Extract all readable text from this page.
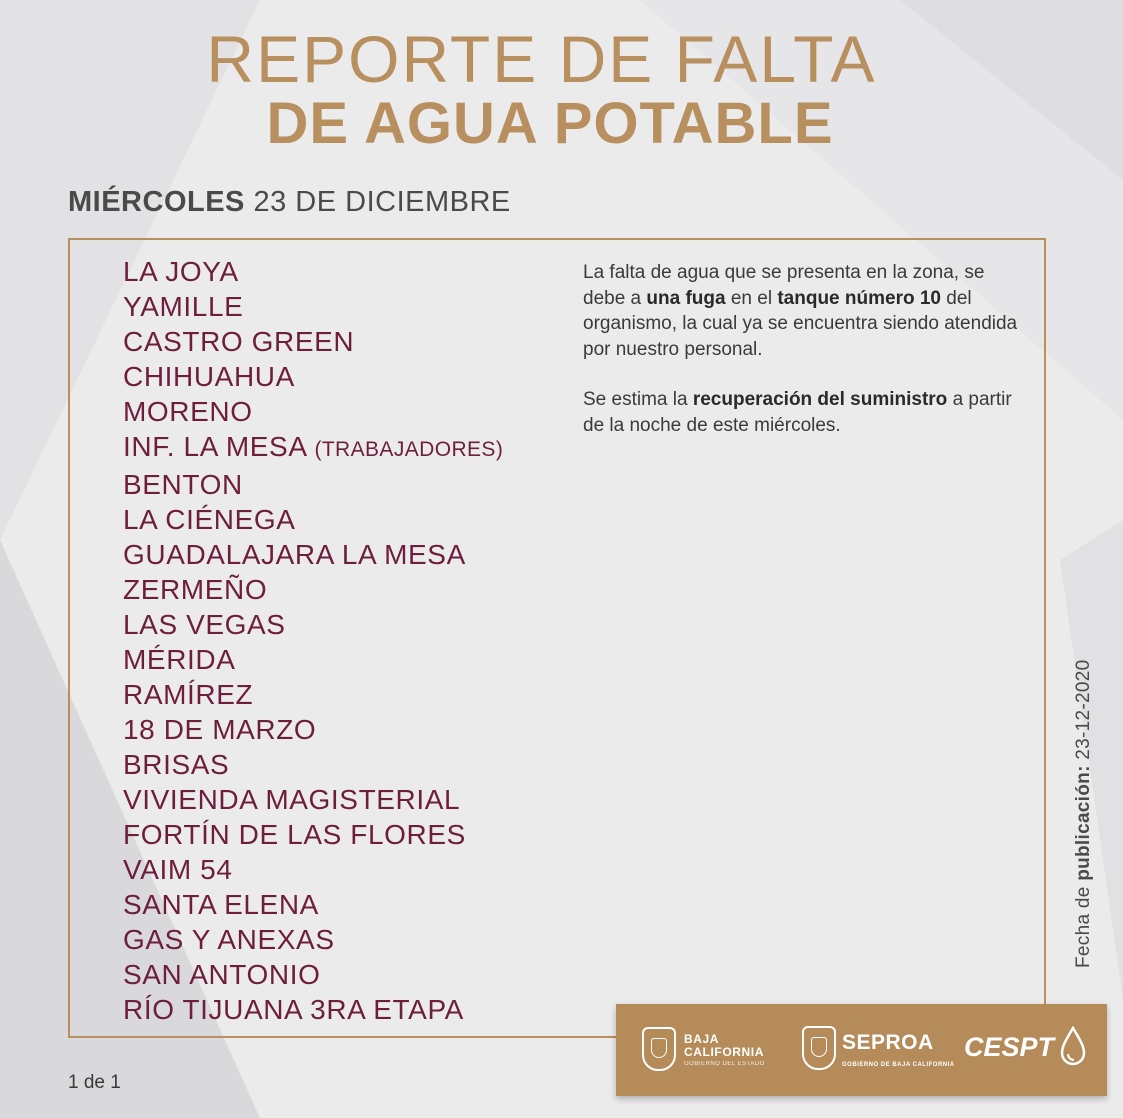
REPORTE DE FALTA
DE AGUA POTABLE
MIÉRCOLES 23 DE DICIEMBRE
LA JOYA
YAMILLE
CASTRO GREEN
CHIHUAHUA
MORENO
INF. LA MESA (TRABAJADORES)
BENTON
LA CIÉNEGA
GUADALAJARA LA MESA
ZERMEÑO
LAS VEGAS
MÉRIDA
RAMÍREZ
18 DE MARZO
BRISAS
VIVIENDA MAGISTERIAL
FORTÍN DE LAS FLORES
VAIM 54
SANTA ELENA
GAS Y ANEXAS
SAN ANTONIO
RÍO TIJUANA 3RA ETAPA

La falta de agua que se presenta en la zona, se debe a una fuga en el tanque número 10 del organismo, la cual ya se encuentra siendo atendida por nuestro personal.

Se estima la recuperación del suministro a partir de la noche de este miércoles.

Fecha de publicación: 23-12-2020
1 de 1
BAJA CALIFORNIA
GOBIERNO DEL ESTADO
SEPROA
GOBIERNO DE BAJA CALIFORNIA
CESPT
